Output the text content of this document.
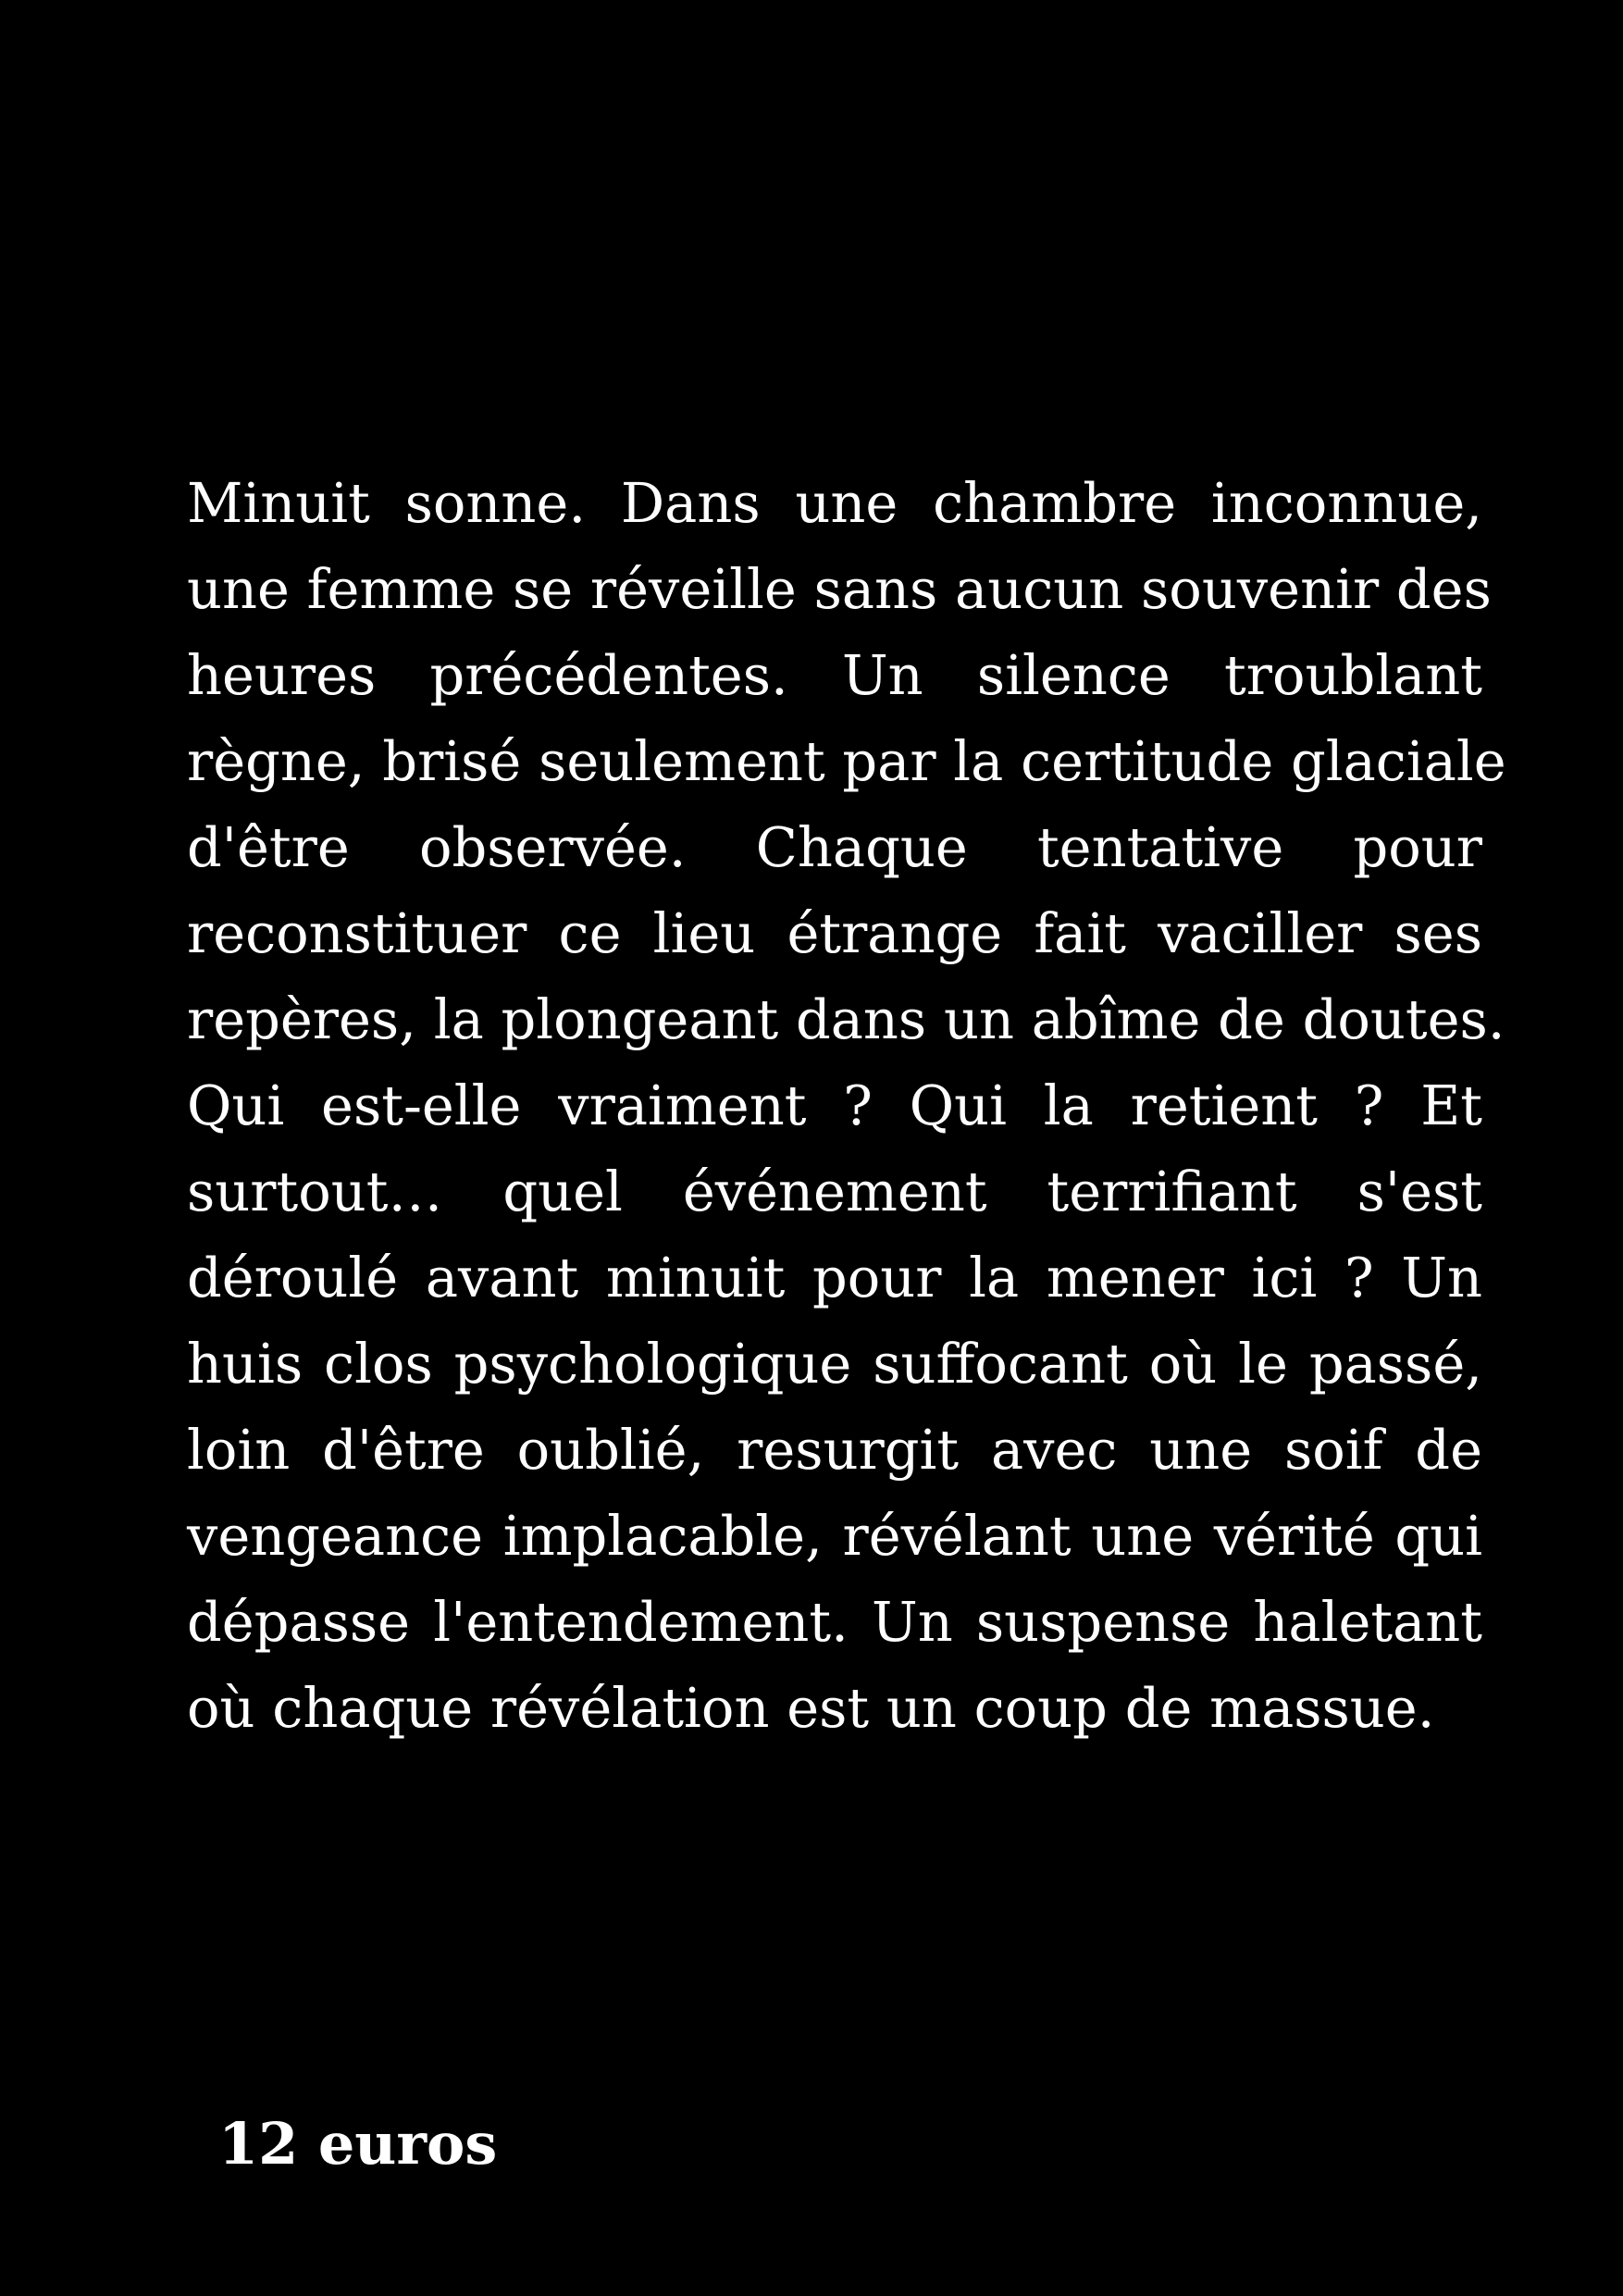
Minuit sonne. Dans une chambre inconnue,
une femme se réveille sans aucun souvenir des
heures précédentes. Un silence troublant
règne, brisé seulement par la certitude glaciale
d'être observée. Chaque tentative pour
reconstituer ce lieu étrange fait vaciller ses
repères, la plongeant dans un abîme de doutes.
Qui est-elle vraiment ? Qui la retient ? Et
surtout… quel événement terrifiant s'est
déroulé avant minuit pour la mener ici ? Un
huis clos psychologique suffocant où le passé,
loin d'être oublié, resurgit avec une soif de
vengeance implacable, révélant une vérité qui
dépasse l'entendement. Un suspense haletant
où chaque révélation est un coup de massue.
12 euros
